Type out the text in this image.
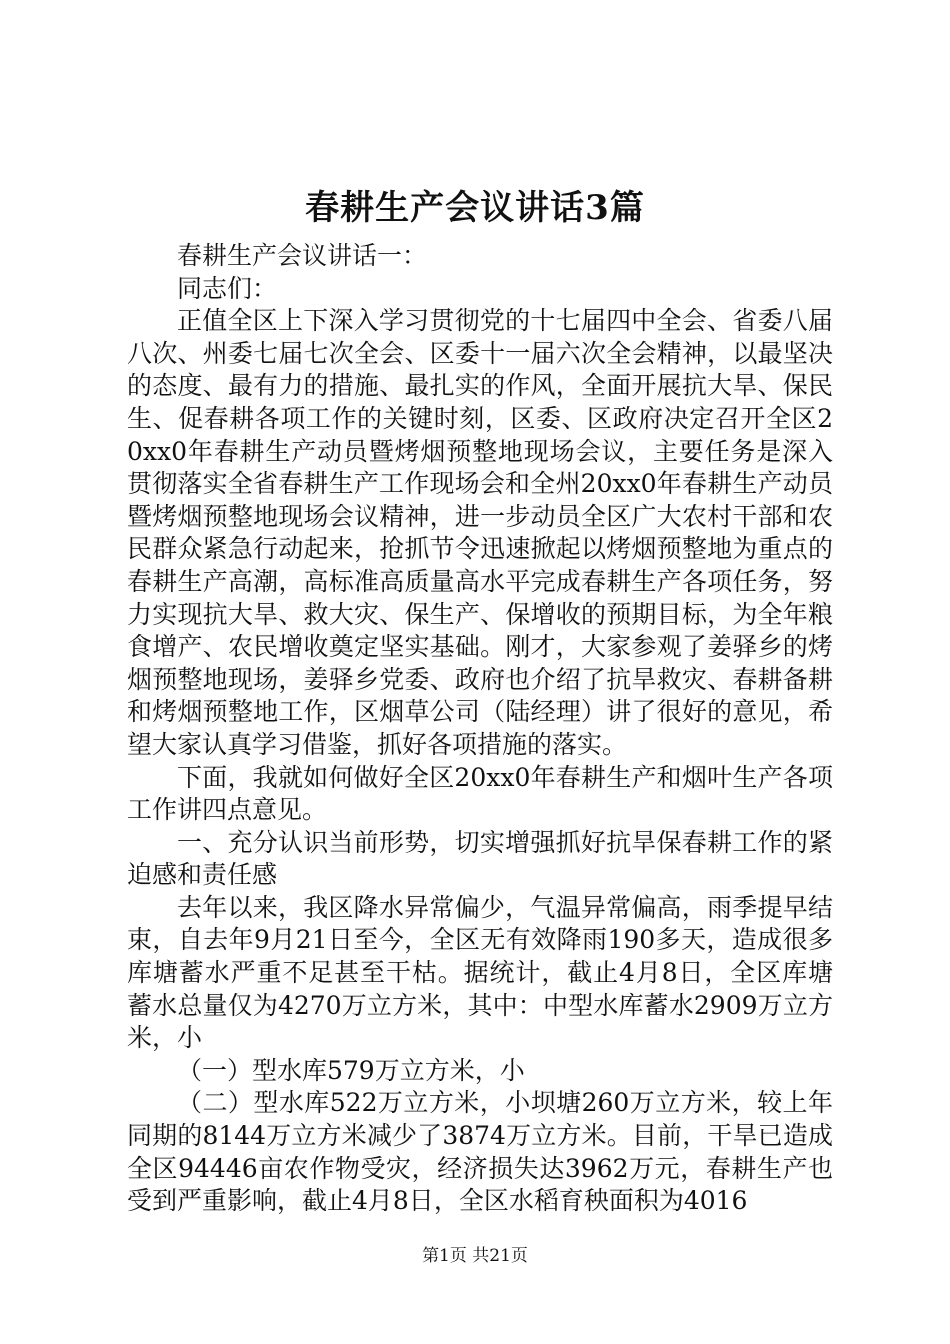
春耕生产会议讲话3篇

春耕生产会议讲话一：

同志们：

正值全区上下深入学习贯彻党的十七届四中全会、省委八届八次、州委七届七次全会、区委十一届六次全会精神，以最坚决的态度、最有力的措施、最扎实的作风，全面开展抗大旱、保民生、促春耕各项工作的关键时刻，区委、区政府决定召开全区20xx0年春耕生产动员暨烤烟预整地现场会议，主要任务是深入贯彻落实全省春耕生产工作现场会和全州20xx0年春耕生产动员暨烤烟预整地现场会议精神，进一步动员全区广大农村干部和农民群众紧急行动起来，抢抓节令迅速掀起以烤烟预整地为重点的春耕生产高潮，高标准高质量高水平完成春耕生产各项任务，努力实现抗大旱、救大灾、保生产、保增收的预期目标，为全年粮食增产、农民增收奠定坚实基础。刚才，大家参观了姜驿乡的烤烟预整地现场，姜驿乡党委、政府也介绍了抗旱救灾、春耕备耕和烤烟预整地工作，区烟草公司（陆经理）讲了很好的意见，希望大家认真学习借鉴，抓好各项措施的落实。

下面，我就如何做好全区20xx0年春耕生产和烟叶生产各项工作讲四点意见。

一、充分认识当前形势，切实增强抓好抗旱保春耕工作的紧迫感和责任感

去年以来，我区降水异常偏少，气温异常偏高，雨季提早结束，自去年9月21日至今，全区无有效降雨190多天，造成很多库塘蓄水严重不足甚至干枯。据统计，截止4月8日，全区库塘蓄水总量仅为4270万立方米，其中：中型水库蓄水2909万立方米，小

（一）型水库579万立方米，小

（二）型水库522万立方米，小坝塘260万立方米，较上年同期的8144万立方米减少了3874万立方米。目前，干旱已造成全区94446亩农作物受灾，经济损失达3962万元，春耕生产也受到严重影响，截止4月8日，全区水稻育秧面积为4016

第1页 共21页
